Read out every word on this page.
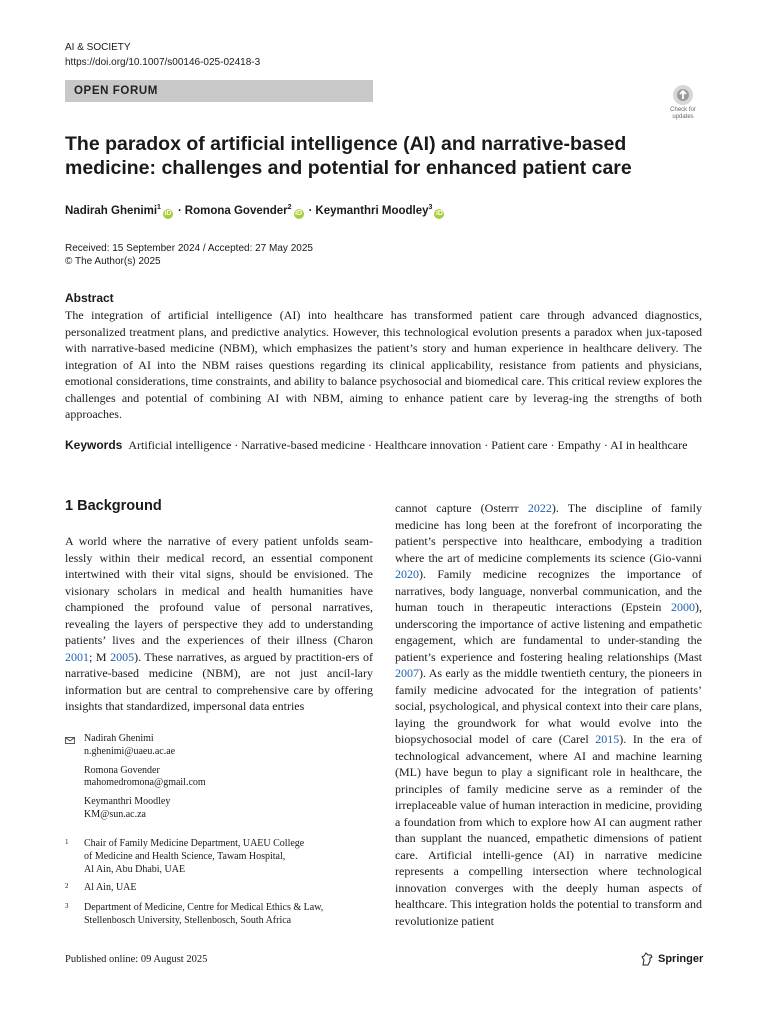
AI & SOCIETY
https://doi.org/10.1007/s00146-025-02418-3
OPEN FORUM
Check for
updates
The paradox of artificial intelligence (AI) and narrative-based
medicine: challenges and potential for enhanced patient care
Nadirah Ghenimi$^1$iD · Romona Govender$^2$iD · Keymanthri Moodley$^3$iD
Received: 15 September 2024 / Accepted: 27 May 2025
© The Author(s) 2025
Abstract

The integration of artificial intelligence (AI) into healthcare has transformed patient care through advanced diagnostics, personalized treatment plans, and predictive analytics. However, this technological evolution presents a paradox when jux-taposed with narrative-based medicine (NBM), which emphasizes the patient’s story and human experience in healthcare delivery. The integration of AI into the NBM raises questions regarding its clinical applicability, resistance from patients and physicians, emotional considerations, time constraints, and ability to balance psychosocial and biomedical care. This critical review explores the challenges and potential of combining AI with NBM, aiming to enhance patient care by leverag-ing the strengths of both approaches.

Keywords Artificial intelligence · Narrative-based medicine · Healthcare innovation · Patient care · Empathy · AI in healthcare
1 Background

A world where the narrative of every patient unfolds seam-lessly within their medical record, an essential component intertwined with their vital signs, should be envisioned. The visionary scholars in medical and health humanities have championed the profound value of personal narratives, revealing the layers of perspective they add to understanding patients’ lives and the experiences of their illness (Charon 2001; M 2005). These narratives, as argued by practition-ers of narrative-based medicine (NBM), are not just ancil-lary information but are central to comprehensive care by offering insights that standardized, impersonal data entries

cannot capture (Osterrr 2022). The discipline of family medicine has long been at the forefront of incorporating the patient’s perspective into healthcare, embodying a tradition where the art of medicine complements its science (Gio-vanni 2020). Family medicine recognizes the importance of narratives, body language, nonverbal communication, and the human touch in therapeutic interactions (Epstein 2000), underscoring the importance of active listening and empathetic engagement, which are fundamental to under-standing the patient’s experience and fostering healing relationships (Mast 2007). As early as the middle twentieth century, the pioneers in family medicine advocated for the integration of patients’ social, psychological, and physical context into their care plans, laying the groundwork for what would evolve into the biopsychosocial model of care (Carel 2015). In the era of technological advancement, where AI and machine learning (ML) have begun to play a significant role in healthcare, the principles of family medicine serve as a reminder of the irreplaceable value of human interaction in medicine, providing a foundation from which to explore how AI can augment rather than supplant the nuanced, empathetic dimensions of patient care. Artificial intelli-gence (AI) in narrative medicine represents a compelling intersection where technological innovation converges with the deeply human aspects of healthcare. This integration holds the potential to transform and revolutionize patient

Nadirah Ghenimi
n.ghenimi@uaeu.ac.ae
Romona Govender
mahomedromona@gmail.com
Keymanthri Moodley
KM@sun.ac.za
1 Chair of Family Medicine Department, UAEU College
of Medicine and Health Science, Tawam Hospital,
Al Ain, Abu Dhabi, UAE
2 Al Ain, UAE
3 Department of Medicine, Centre for Medical Ethics & Law,
Stellenbosch University, Stellenbosch, South Africa
Published online: 09 August 2025	Springer
